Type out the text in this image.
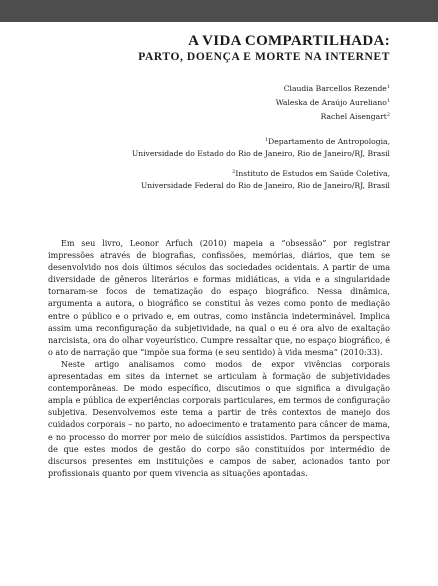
A VIDA COMPARTILHADA:
PARTO, DOENÇA E MORTE NA INTERNET
Claudia Barcellos Rezende$^1$
Waleska de Araújo Aureliano$^1$
Rachel Aisengart$^2$
$^1$Departamento de Antropologia,
Universidade do Estado do Rio de Janeiro, Rio de Janeiro/RJ, Brasil
$^2$Instituto de Estudos em Saúde Coletiva,
Universidade Federal do Rio de Janeiro, Rio de Janeiro/RJ, Brasil

Em seu livro, Leonor Arfuch (2010) mapeia a “obsessão” por registrar impressões através de biografias, confissões, memórias, diários, que tem se desenvolvido nos dois últimos séculos das sociedades ocidentais. A partir de uma diversidade de gêneros literários e formas midiáticas, a vida e a singularidade tornaram-se focos de tematização do espaço biográfico. Nessa dinâmica, argumenta a autora, o biográfico se constitui às vezes como ponto de mediação entre o público e o privado e, em outras, como instância indeterminável. Implica assim uma reconfiguração da subjetividade, na qual o eu é ora alvo de exaltação narcisista, ora do olhar voyeurístico. Cumpre ressaltar que, no espaço biográfico, é o ato de narração que “impõe sua forma (e seu sentido) à vida mesma” (2010:33).

Neste artigo analisamos como modos de expor vivências corporais apresentadas em sites da internet se articulam à formação de subjetividades contemporâneas. De modo específico, discutimos o que significa a divulgação ampla e pública de experiências corporais particulares, em termos de configuração subjetiva. Desenvolvemos este tema a partir de três contextos de manejo dos cuidados corporais – no parto, no adoecimento e tratamento para câncer de mama, e no processo do morrer por meio de suicídios assistidos. Partimos da perspectiva de que estes modos de gestão do corpo são constituídos por intermédio de discursos presentes em instituições e campos de saber, acionados tanto por profissionais quanto por quem vivencia as situações apontadas.
